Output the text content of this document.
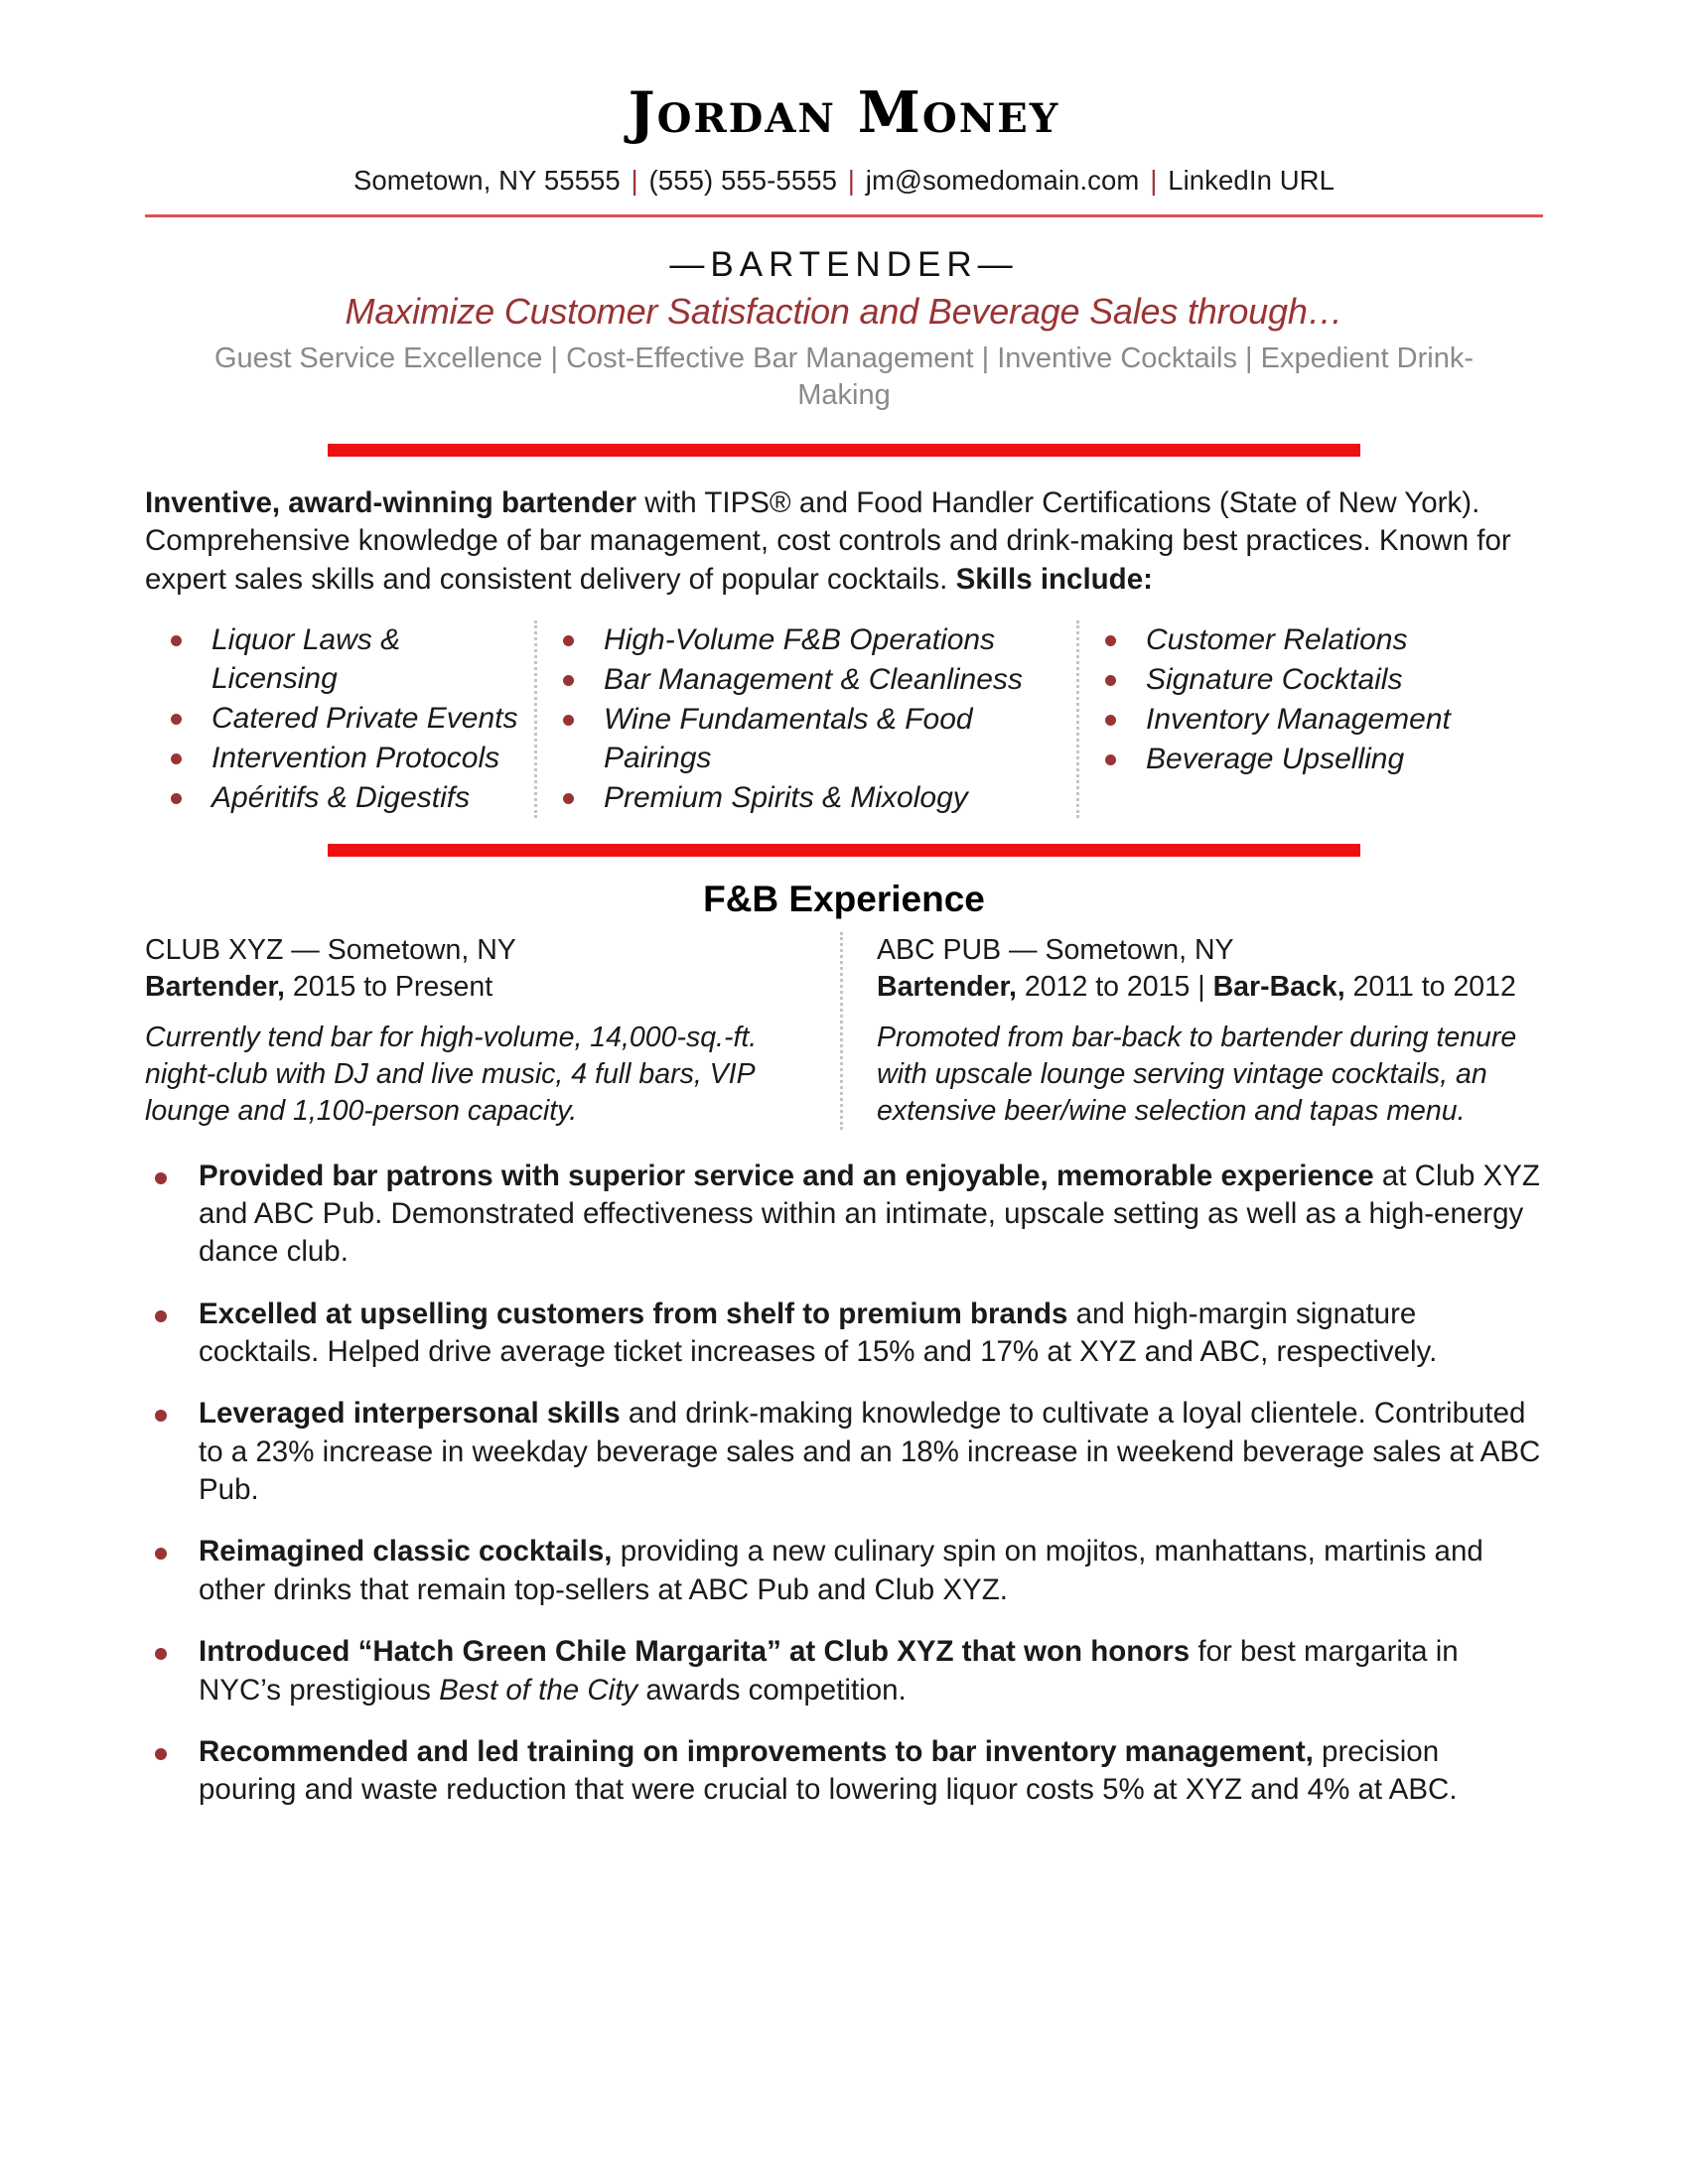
Jordan Money
Sometown, NY 55555 | (555) 555-5555 | jm@somedomain.com | LinkedIn URL
—BARTENDER—
Maximize Customer Satisfaction and Beverage Sales through…
Guest Service Excellence | Cost-Effective Bar Management | Inventive Cocktails | Expedient Drink-Making
Inventive, award-winning bartender with TIPS® and Food Handler Certifications (State of New York). Comprehensive knowledge of bar management, cost controls and drink-making best practices. Known for expert sales skills and consistent delivery of popular cocktails. Skills include:
Liquor Laws & Licensing
Catered Private Events
Intervention Protocols
Apéritifs & Digestifs
High-Volume F&B Operations
Bar Management & Cleanliness
Wine Fundamentals & Food Pairings
Premium Spirits & Mixology
Customer Relations
Signature Cocktails
Inventory Management
Beverage Upselling
F&B Experience
CLUB XYZ — Sometown, NY
Bartender, 2015 to Present
Currently tend bar for high-volume, 14,000-sq.-ft. night-club with DJ and live music, 4 full bars, VIP lounge and 1,100-person capacity.
ABC PUB — Sometown, NY
Bartender, 2012 to 2015 | Bar-Back, 2011 to 2012
Promoted from bar-back to bartender during tenure with upscale lounge serving vintage cocktails, an extensive beer/wine selection and tapas menu.
Provided bar patrons with superior service and an enjoyable, memorable experience at Club XYZ and ABC Pub. Demonstrated effectiveness within an intimate, upscale setting as well as a high-energy dance club.
Excelled at upselling customers from shelf to premium brands and high-margin signature cocktails. Helped drive average ticket increases of 15% and 17% at XYZ and ABC, respectively.
Leveraged interpersonal skills and drink-making knowledge to cultivate a loyal clientele. Contributed to a 23% increase in weekday beverage sales and an 18% increase in weekend beverage sales at ABC Pub.
Reimagined classic cocktails, providing a new culinary spin on mojitos, manhattans, martinis and other drinks that remain top-sellers at ABC Pub and Club XYZ.
Introduced “Hatch Green Chile Margarita” at Club XYZ that won honors for best margarita in NYC’s prestigious Best of the City awards competition.
Recommended and led training on improvements to bar inventory management, precision pouring and waste reduction that were crucial to lowering liquor costs 5% at XYZ and 4% at ABC.
